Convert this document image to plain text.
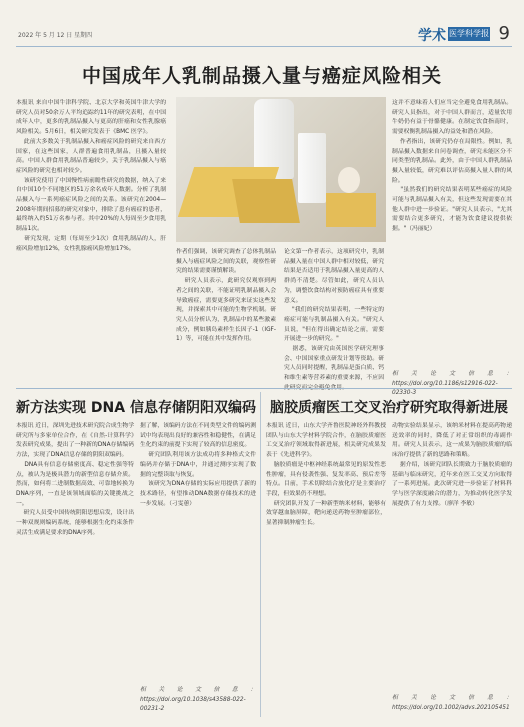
2022 年 5 月 12 日 星期四	学术 医学科学报 9
中国成年人乳制品摄入量与癌症风险相关
本报讯 来自中国牛津科学院、北京大学和英国牛津大学的研究人员对50余万人平均追踪约11年的研究表明，在中国成年人中，更多的乳制品摄入与更高的肝癌和女性乳腺癌风险相关。5月6日，相关研究发表于《BMC 医学》。
此前大多数关于乳制品摄入和癌症风险的研究来自西方国家，在这些国家，人群普遍食用乳制品，且摄入量较高。中国人群食用乳制品普遍较少，关于乳制品摄入与癌症风险的研究也相对较少。
该研究使用了中国慢性病前瞻性研究的数据，纳入了来自中国10个不同地区的51万余名成年人数据。分析了乳制品摄入与一系列癌症风险之间的关系。该研究在2004—2008年期间招募的研究对象中，排除了患有癌症的患者，最终纳入约51万名参与者。其中20%的人每周至少食用乳制品1次。
研究发现，定期（每周至少1次）食用乳制品的人，肝癌风险增加12%，女性乳腺癌风险增加17%。
作者们强调，该研究调查了总体乳制品摄入与癌症风险之间的关联，观察性研究的结果需要谨慎解读。
研究人员表示，此研究仅观察到两者之间的关联，不能证明乳制品摄入会导致癌症，需要更多研究来证实这些发现，并探索其中可能的生物学机制。研究人员分析认为，乳制品中的某些激素成分，例如胰岛素样生长因子-1（IGF-1）等，可能在其中发挥作用。
论文第一作者表示，这项研究中，乳制品摄入量在中国人群中相对较低，研究结果是否适用于乳制品摄入量更高的人群尚不清楚。尽管如此，研究人员认为，调整饮食结构对预防癌症具有重要意义。
"我们的研究结果表明，一些特定的癌症可能与乳制品摄入有关。"研究人员说，"但在得出确定结论之前，需要开展进一步的研究。"
据悉，该研究由英国医学研究理事会、中国国家重点研发计划等资助。研究人员同时提醒，乳制品是蛋白质、钙和维生素等营养素的重要来源，不应因此研究而完全避免食用。
这并不意味着人们应当完全避免食用乳制品。研究人员指出，对于中国人群而言，适量饮用牛奶仍有益于骨骼健康。在制定饮食指南时，需要权衡乳制品摄入的益处和潜在风险。
作者指出，该研究仍存在局限性。例如，乳制品摄入数据来自问卷调查，研究未能区分不同类型的乳制品。此外，由于中国人群乳制品摄入量较低，研究难以评估高摄入量人群的风险。
"虽然我们的研究结果表明某些癌症的风险可能与乳制品摄入有关，但这些发现需要在其他人群中进一步验证。"研究人员表示，"尤其需要结合更多研究，才能为饮食建议提供依据。"（冯丽妃）
相关论文信息：https://doi.org/10.1186/s12916-022-02330-3
新方法实现 DNA 信息存储阴阳双编码
本报讯 近日，深圳先进技术研究院合成生物学研究所与多家单位合作，在《自然-计算科学》发表研究成果，提出了一种新的DNA存储编码方法，实现了DNA信息存储的阴阳双编码。
DNA具有信息存储密度高、稳定性强等特点，被认为是极具潜力的新型信息存储介质。然而，如何将二进制数据高效、可靠地转换为DNA序列，一直是该领域面临的关键挑战之一。
研究人员受中国传统阴阳思想启发，设计出一种双规则编码系统，能够根据生化约束条件灵活生成满足要求的DNA序列。
据了解，该编码方法在不同类型文件的编码测试中均表现出良好的兼容性和稳健性，在满足生化约束的前提下实现了较高的信息密度。
研究团队利用该方法成功将多种格式文件编码并存储于DNA中，并通过测序实现了数据的完整读取与恢复。
该研究为DNA存储的实际应用提供了新的技术路径，有望推动DNA数据存储技术的进一步发展。（刁雯蕙）
相关论文信息：https://doi.org/10.1038/s43588-022-00231-2
脑胶质瘤医工交叉治疗研究取得新进展
本报讯 近日，山东大学齐鲁医院神经外科教授团队与山东大学材料学院合作，在脑胶质瘤医工交叉治疗领域取得新进展，相关研究成果发表于《先进科学》。
脑胶质瘤是中枢神经系统最常见的原发性恶性肿瘤，具有侵袭性强、复发率高、预后差等特点。目前，手术切除结合放化疗是主要治疗手段，但效果仍不理想。
研究团队开发了一种新型纳米材料，能够有效穿越血脑屏障，靶向递送药物至肿瘤部位，显著抑制肿瘤生长。
动物实验结果显示，该纳米材料在提高药物递送效率的同时，降低了对正常组织的毒副作用。研究人员表示，这一成果为脑胶质瘤的临床治疗提供了新的思路和策略。
据介绍，该研究团队长期致力于脑胶质瘤的基础与临床研究，近年来在医工交叉方向取得了一系列进展。此次研究进一步验证了材料科学与医学深度融合的潜力，为推动转化医学发展提供了有力支撑。（廖洋 李敏）
相关论文信息：https://doi.org/10.1002/advs.202105451
